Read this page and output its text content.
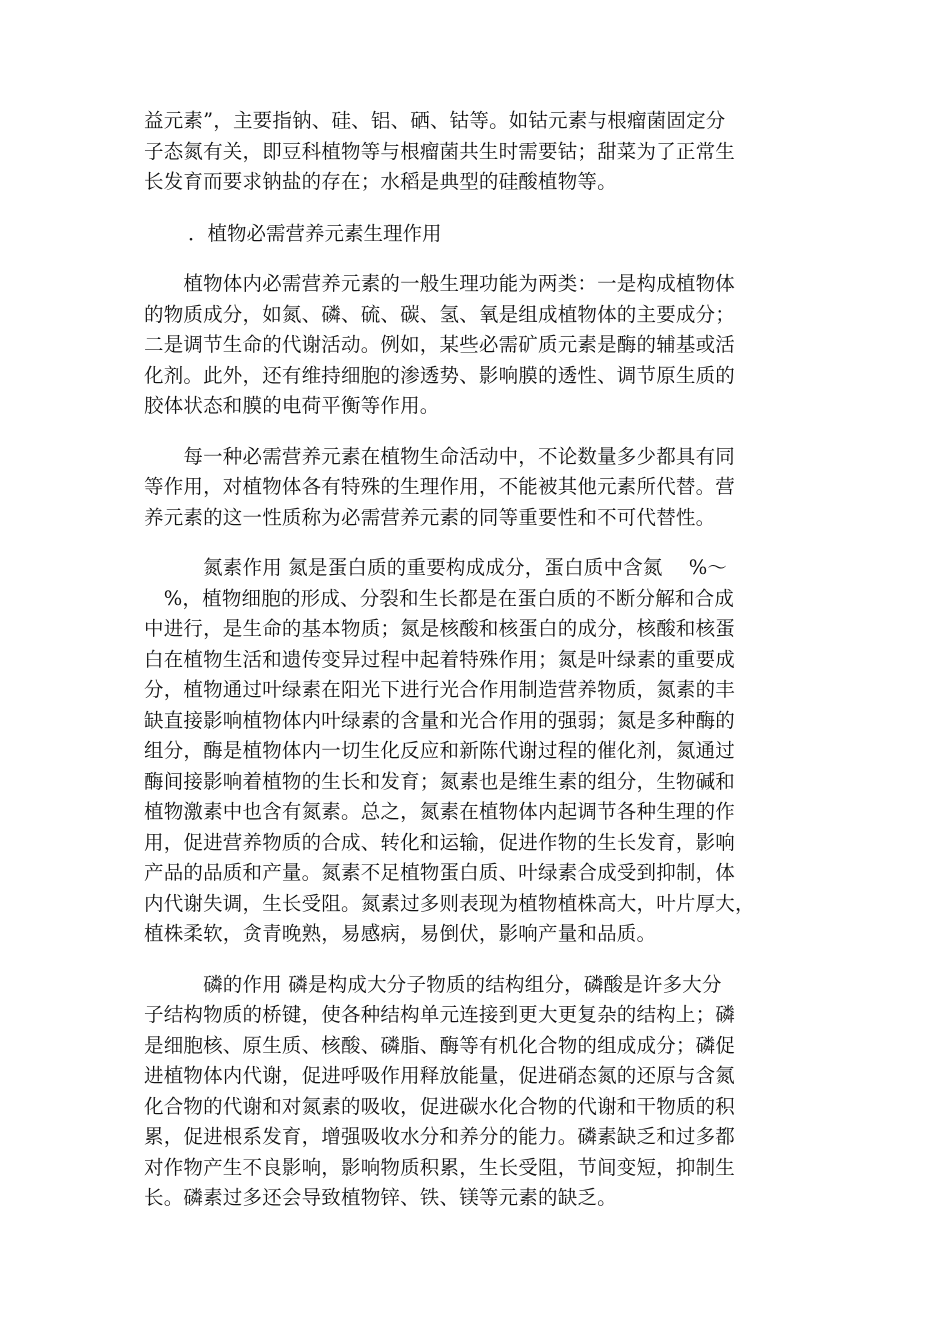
益元素”，主要指钠、硅、铝、硒、钴等。如钴元素与根瘤菌固定分
子态氮有关，即豆科植物等与根瘤菌共生时需要钴；甜菜为了正常生
长发育而要求钠盐的存在；水稻是典型的硅酸植物等。

．植物必需营养元素生理作用

　　植物体内必需营养元素的一般生理功能为两类：一是构成植物体
的物质成分，如氮、磷、硫、碳、氢、氧是组成植物体的主要成分；
二是调节生命的代谢活动。例如，某些必需矿质元素是酶的辅基或活
化剂。此外，还有维持细胞的渗透势、影响膜的透性、调节原生质的
胶体状态和膜的电荷平衡等作用。

　　每一种必需营养元素在植物生命活动中，不论数量多少都具有同
等作用，对植物体各有特殊的生理作用，不能被其他元素所代替。营
养元素的这一性质称为必需营养元素的同等重要性和不可代替性。

　　　氮素作用 氮是蛋白质的重要构成成分，蛋白质中含氮　 %～
　%，植物细胞的形成、分裂和生长都是在蛋白质的不断分解和合成
中进行，是生命的基本物质；氮是核酸和核蛋白的成分，核酸和核蛋
白在植物生活和遗传变异过程中起着特殊作用；氮是叶绿素的重要成
分，植物通过叶绿素在阳光下进行光合作用制造营养物质，氮素的丰
缺直接影响植物体内叶绿素的含量和光合作用的强弱；氮是多种酶的
组分，酶是植物体内一切生化反应和新陈代谢过程的催化剂，氮通过
酶间接影响着植物的生长和发育；氮素也是维生素的组分，生物碱和
植物激素中也含有氮素。总之，氮素在植物体内起调节各种生理的作
用，促进营养物质的合成、转化和运输，促进作物的生长发育，影响
产品的品质和产量。氮素不足植物蛋白质、叶绿素合成受到抑制，体
内代谢失调，生长受阻。氮素过多则表现为植物植株高大，叶片厚大，
植株柔软，贪青晚熟，易感病，易倒伏，影响产量和品质。

　　　磷的作用 磷是构成大分子物质的结构组分，磷酸是许多大分
子结构物质的桥键，使各种结构单元连接到更大更复杂的结构上；磷
是细胞核、原生质、核酸、磷脂、酶等有机化合物的组成成分；磷促
进植物体内代谢，促进呼吸作用释放能量，促进硝态氮的还原与含氮
化合物的代谢和对氮素的吸收，促进碳水化合物的代谢和干物质的积
累，促进根系发育，增强吸收水分和养分的能力。磷素缺乏和过多都
对作物产生不良影响，影响物质积累，生长受阻，节间变短，抑制生
长。磷素过多还会导致植物锌、铁、镁等元素的缺乏。
